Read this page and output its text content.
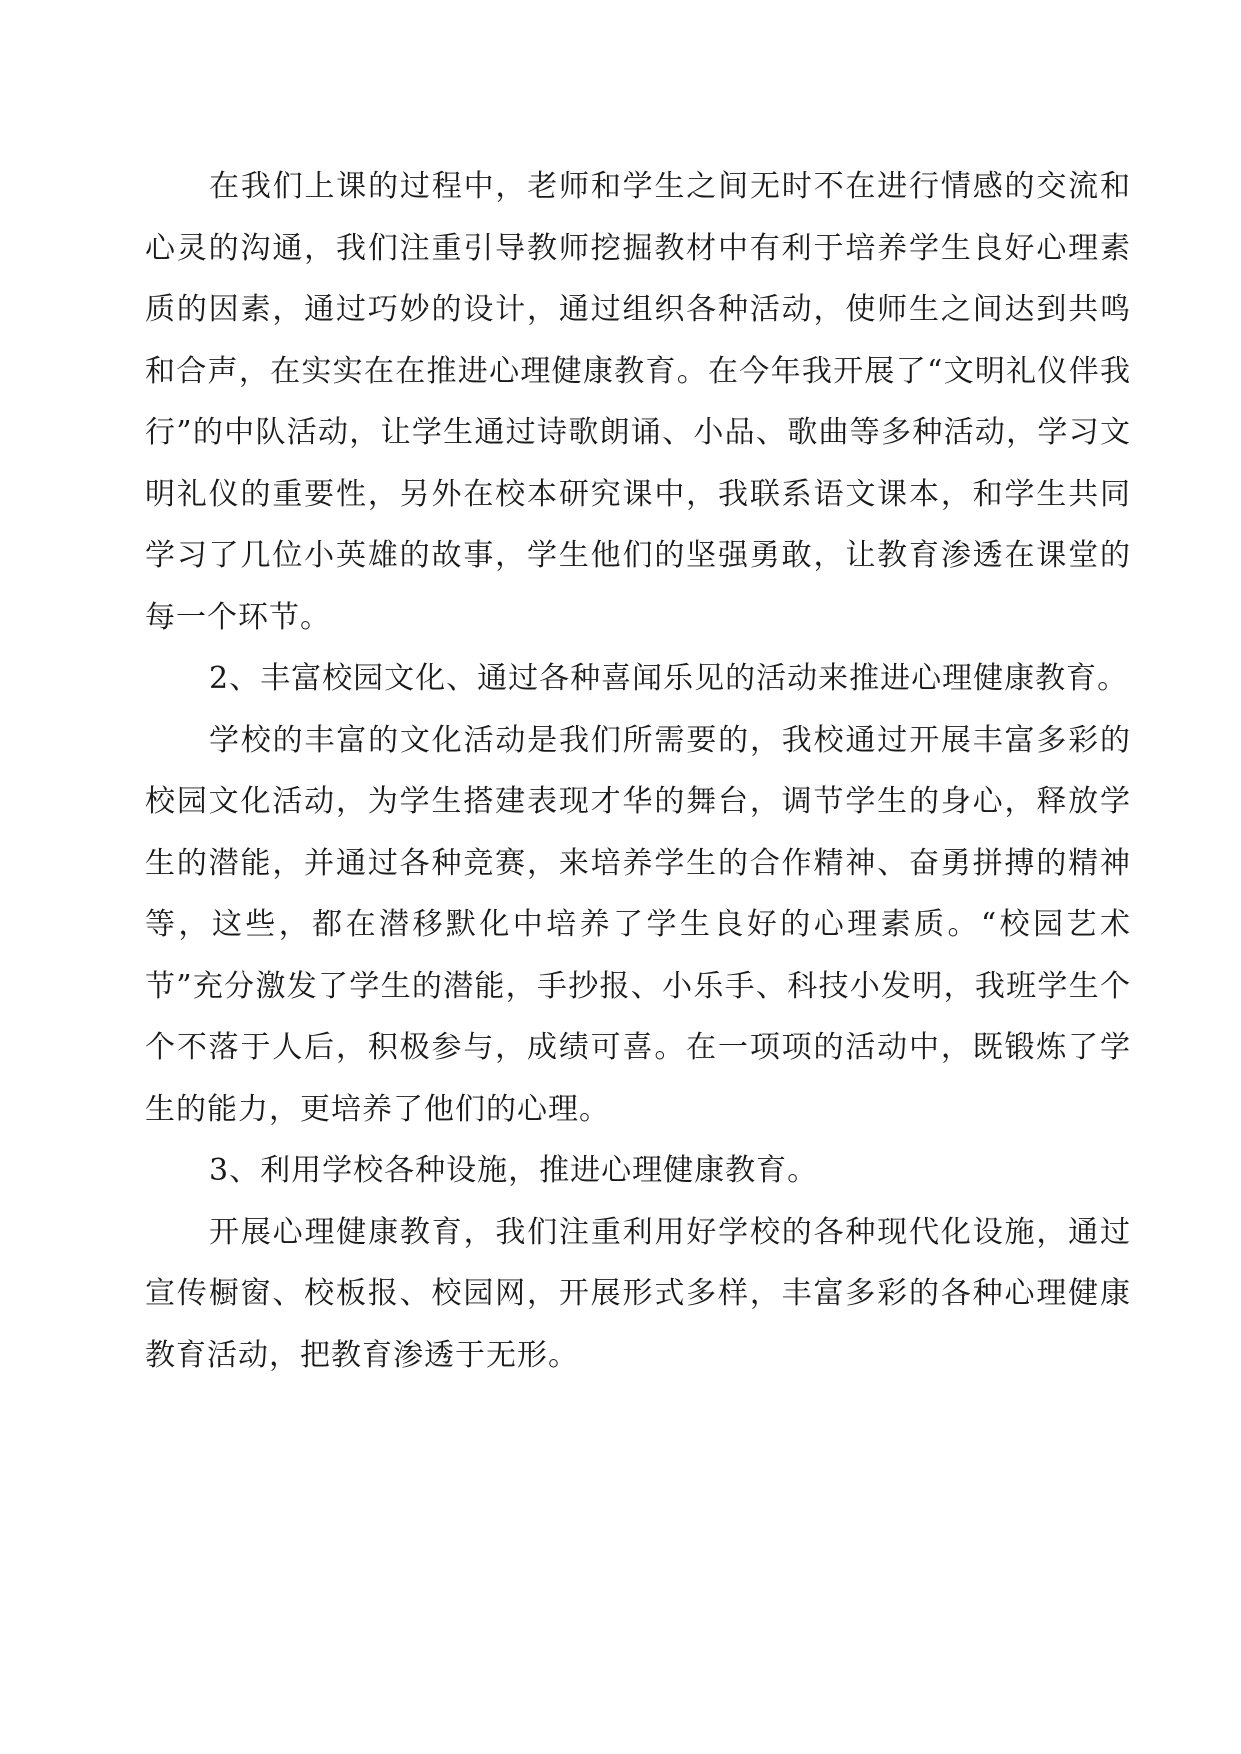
在我们上课的过程中，老师和学生之间无时不在进行情感的交流和心灵的沟通，我们注重引导教师挖掘教材中有利于培养学生良好心理素质的因素，通过巧妙的设计，通过组织各种活动，使师生之间达到共鸣和合声，在实实在在推进心理健康教育。在今年我开展了“文明礼仪伴我行”的中队活动，让学生通过诗歌朗诵、小品、歌曲等多种活动，学习文明礼仪的重要性，另外在校本研究课中，我联系语文课本，和学生共同学习了几位小英雄的故事，学生他们的坚强勇敢，让教育渗透在课堂的每一个环节。

2、丰富校园文化、通过各种喜闻乐见的活动来推进心理健康教育。

学校的丰富的文化活动是我们所需要的，我校通过开展丰富多彩的校园文化活动，为学生搭建表现才华的舞台，调节学生的身心，释放学生的潜能，并通过各种竞赛，来培养学生的合作精神、奋勇拼搏的精神等，这些，都在潜移默化中培养了学生良好的心理素质。“校园艺术节”充分激发了学生的潜能，手抄报、小乐手、科技小发明，我班学生个个不落于人后，积极参与，成绩可喜。在一项项的活动中，既锻炼了学生的能力，更培养了他们的心理。

3、利用学校各种设施，推进心理健康教育。

开展心理健康教育，我们注重利用好学校的各种现代化设施，通过宣传橱窗、校板报、校园网，开展形式多样，丰富多彩的各种心理健康教育活动，把教育渗透于无形。
